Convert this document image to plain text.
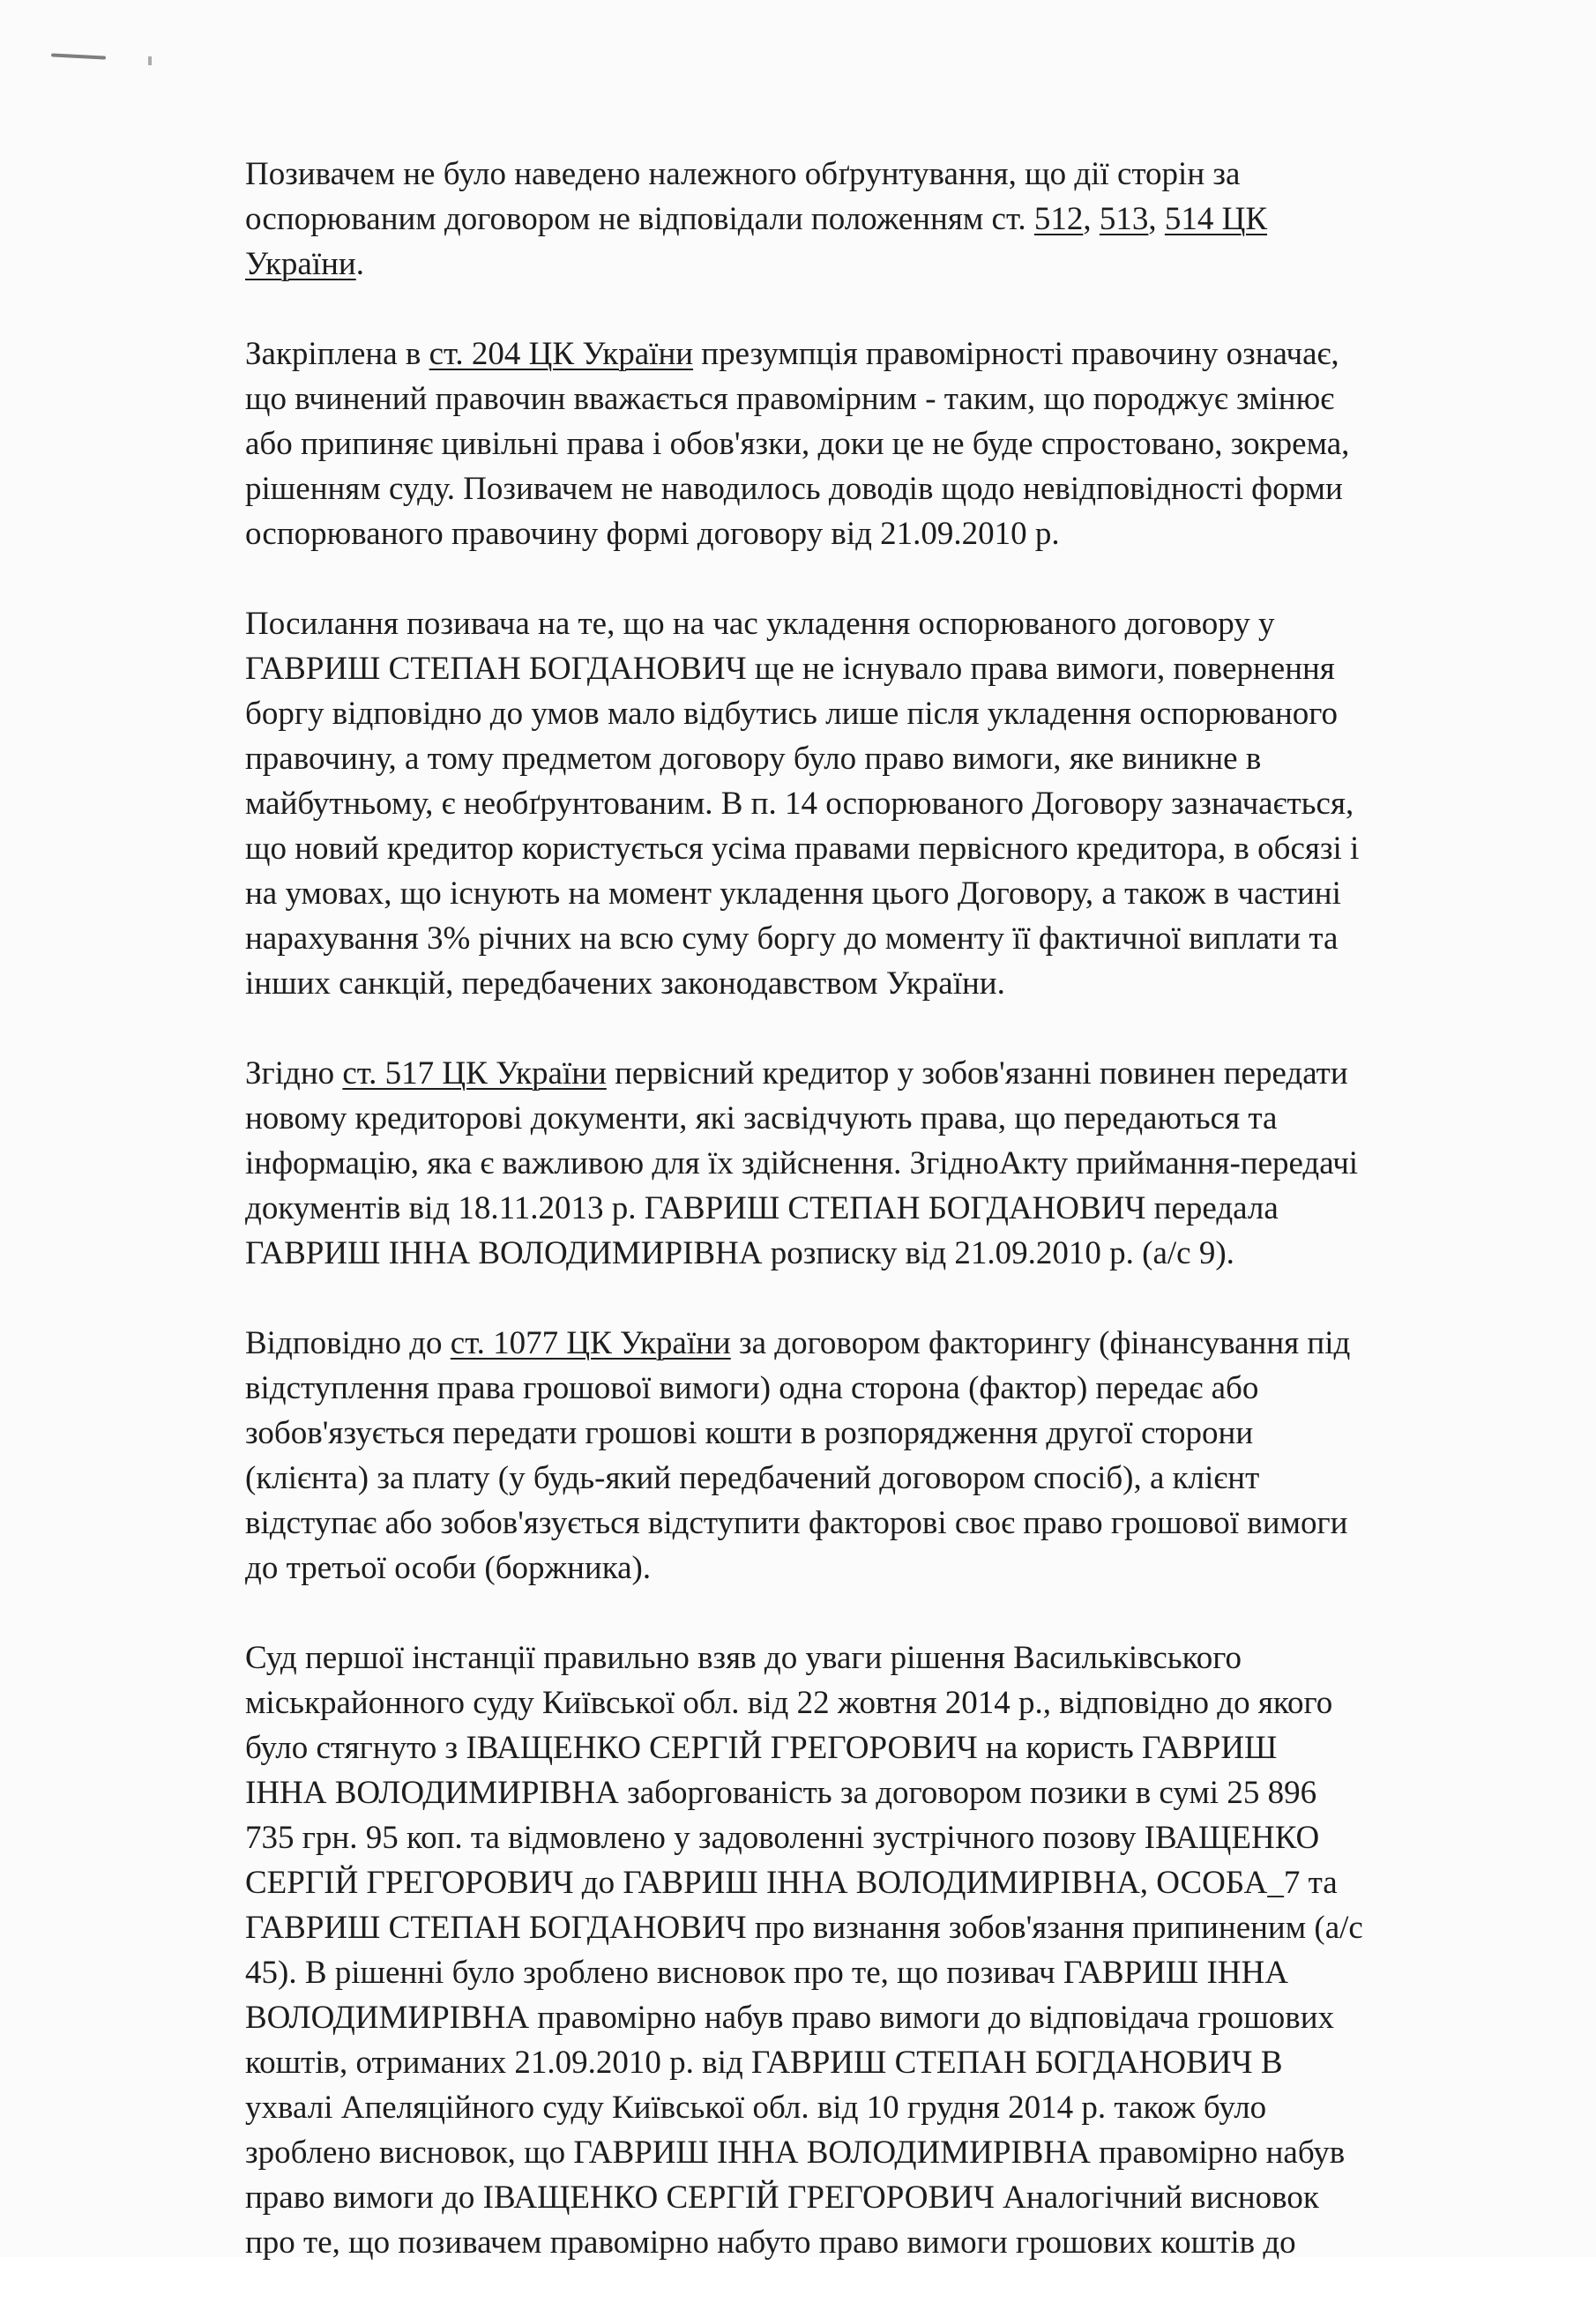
Позивачем не було наведено належного обґрунтування, що дії сторін за
оспорюваним договором не відповідали положенням ст. 512, 513, 514 ЦК
України.
Закріплена в ст. 204 ЦК України презумпція правомірності правочину означає,
що вчинений правочин вважається правомірним - таким, що породжує змінює
або припиняє цивільні права і обов'язки, доки це не буде спростовано, зокрема,
рішенням суду. Позивачем не наводилось доводів щодо невідповідності форми
оспорюваного правочину формі договору від 21.09.2010 р.
Посилання позивача на те, що на час укладення оспорюваного договору у
ГАВРИШ СТЕПАН БОГДАНОВИЧ ще не існувало права вимоги, повернення
боргу відповідно до умов мало відбутись лише після укладення оспорюваного
правочину, а тому предметом договору було право вимоги, яке виникне в
майбутньому, є необґрунтованим. В п. 14 оспорюваного Договору зазначається,
що новий кредитор користується усіма правами первісного кредитора, в обсязі і
на умовах, що існують на момент укладення цього Договору, а також в частині
нарахування 3% річних на всю суму боргу до моменту її фактичної виплати та
інших санкцій, передбачених законодавством України.
Згідно ст. 517 ЦК України первісний кредитор у зобов'язанні повинен передати
новому кредиторові документи, які засвідчують права, що передаються та
інформацію, яка є важливою для їх здійснення. ЗгідноАкту приймання-передачі
документів від 18.11.2013 р. ГАВРИШ СТЕПАН БОГДАНОВИЧ передала
ГАВРИШ ІННА ВОЛОДИМИРІВНА розписку від 21.09.2010 р. (а/с 9).
Відповідно до ст. 1077 ЦК України за договором факторингу (фінансування під
відступлення права грошової вимоги) одна сторона (фактор) передає або
зобов'язується передати грошові кошти в розпорядження другої сторони
(клієнта) за плату (у будь-який передбачений договором спосіб), а клієнт
відступає або зобов'язується відступити факторові своє право грошової вимоги
до третьої особи (боржника).
Суд першої інстанції правильно взяв до уваги рішення Васильківського
міськрайонного суду Київської обл. від 22 жовтня 2014 р., відповідно до якого
було стягнуто з ІВАЩЕНКО СЕРГІЙ ГРЕГОРОВИЧ на користь ГАВРИШ
ІННА ВОЛОДИМИРІВНА заборгованість за договором позики в сумі 25 896
735 грн. 95 коп. та відмовлено у задоволенні зустрічного позову ІВАЩЕНКО
СЕРГІЙ ГРЕГОРОВИЧ до ГАВРИШ ІННА ВОЛОДИМИРІВНА, ОСОБА_7 та
ГАВРИШ СТЕПАН БОГДАНОВИЧ про визнання зобов'язання припиненим (а/с
45). В рішенні було зроблено висновок про те, що позивач ГАВРИШ ІННА
ВОЛОДИМИРІВНА правомірно набув право вимоги до відповідача грошових
коштів, отриманих 21.09.2010 р. від ГАВРИШ СТЕПАН БОГДАНОВИЧ В
ухвалі Апеляційного суду Київської обл. від 10 грудня 2014 р. також було
зроблено висновок, що ГАВРИШ ІННА ВОЛОДИМИРІВНА правомірно набув
право вимоги до ІВАЩЕНКО СЕРГІЙ ГРЕГОРОВИЧ Аналогічний висновок
про те, що позивачем правомірно набуто право вимоги грошових коштів до
